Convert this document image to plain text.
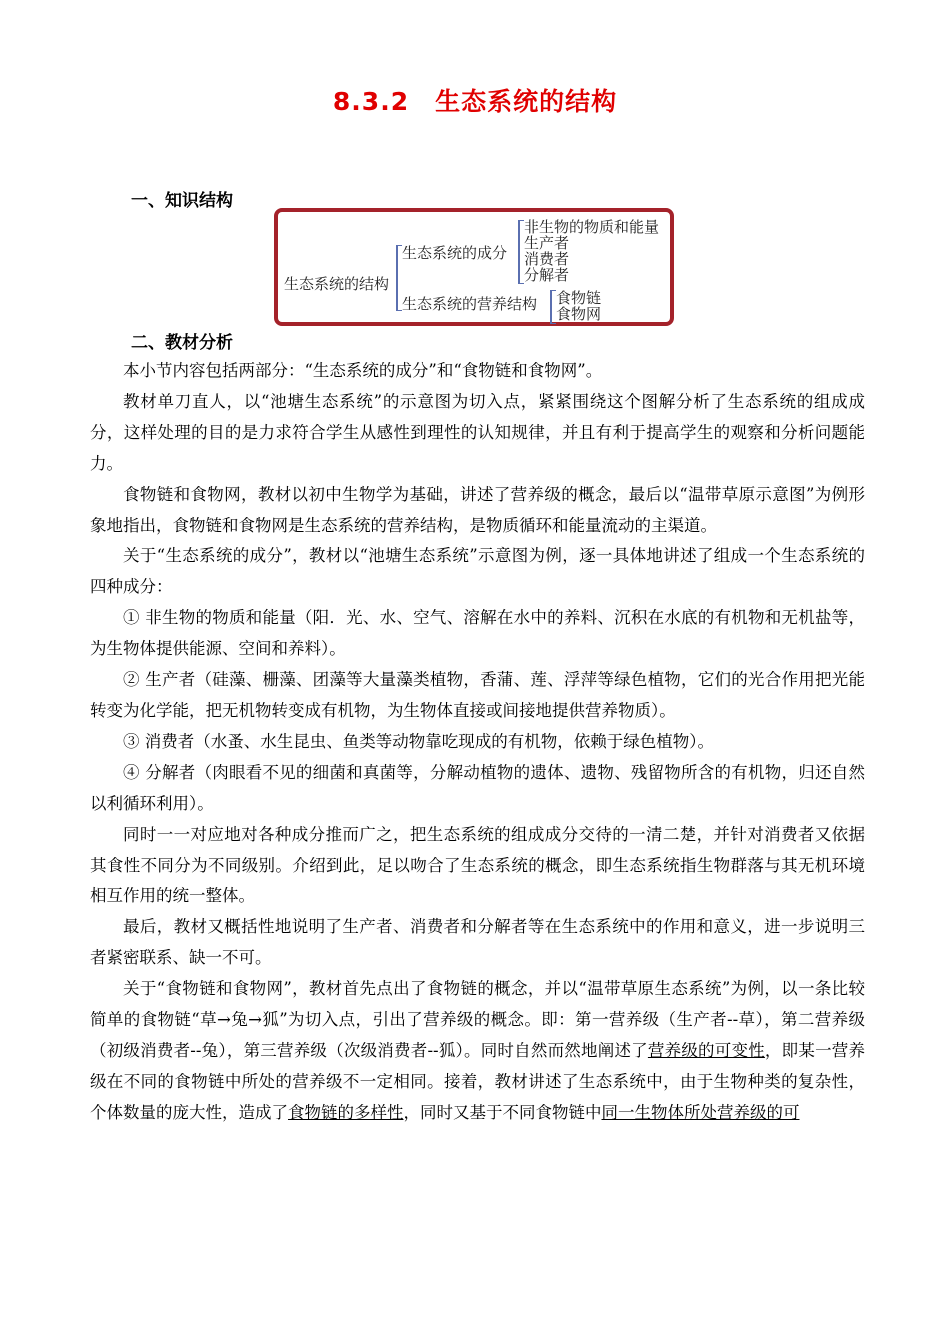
8.3.2　生态系统的结构
一、知识结构
生态系统的结构
生态系统的成分
生态系统的营养结构
非生物的物质和能量
生产者
消费者
分解者
食物链
食物网
二、教材分析

本小节内容包括两部分：“生态系统的成分”和“食物链和食物网”。

教材单刀直人，以“池塘生态系统”的示意图为切入点，紧紧围绕这个图解分析了生态系统的组成成分，这样处理的目的是力求符合学生从感性到理性的认知规律，并且有利于提高学生的观察和分析问题能力。

食物链和食物网，教材以初中生物学为基础，讲述了营养级的概念，最后以“温带草原示意图”为例形象地指出，食物链和食物网是生态系统的营养结构，是物质循环和能量流动的主渠道。

关于“生态系统的成分”，教材以“池塘生态系统”示意图为例，逐一具体地讲述了组成一个生态系统的四种成分：

① 非生物的物质和能量（阳．光、水、空气、溶解在水中的养料、沉积在水底的有机物和无机盐等，为生物体提供能源、空间和养料）。

② 生产者（硅藻、栅藻、团藻等大量藻类植物，香蒲、莲、浮萍等绿色植物，它们的光合作用把光能转变为化学能，把无机物转变成有机物，为生物体直接或间接地提供营养物质）。

③ 消费者（水蚤、水生昆虫、鱼类等动物靠吃现成的有机物，依赖于绿色植物）。

④ 分解者（肉眼看不见的细菌和真菌等，分解动植物的遗体、遗物、残留物所含的有机物，归还自然以利循环利用）。

同时一一对应地对各种成分推而广之，把生态系统的组成成分交待的一清二楚，并针对消费者又依据其食性不同分为不同级别。介绍到此，足以吻合了生态系统的概念，即生态系统指生物群落与其无机环境相互作用的统一整体。

最后，教材又概括性地说明了生产者、消费者和分解者等在生态系统中的作用和意义，进一步说明三者紧密联系、缺一不可。

关于“食物链和食物网”，教材首先点出了食物链的概念，并以“温带草原生态系统”为例，以一条比较简单的食物链“草→兔→狐”为切入点，引出了营养级的概念。即：第一营养级（生产者--草），第二营养级（初级消费者--兔），第三营养级（次级消费者--狐）。同时自然而然地阐述了营养级的可变性，即某一营养级在不同的食物链中所处的营养级不一定相同。接着，教材讲述了生态系统中，由于生物种类的复杂性，个体数量的庞大性，造成了食物链的多样性，同时又基于不同食物链中同一生物体所处营养级的可
